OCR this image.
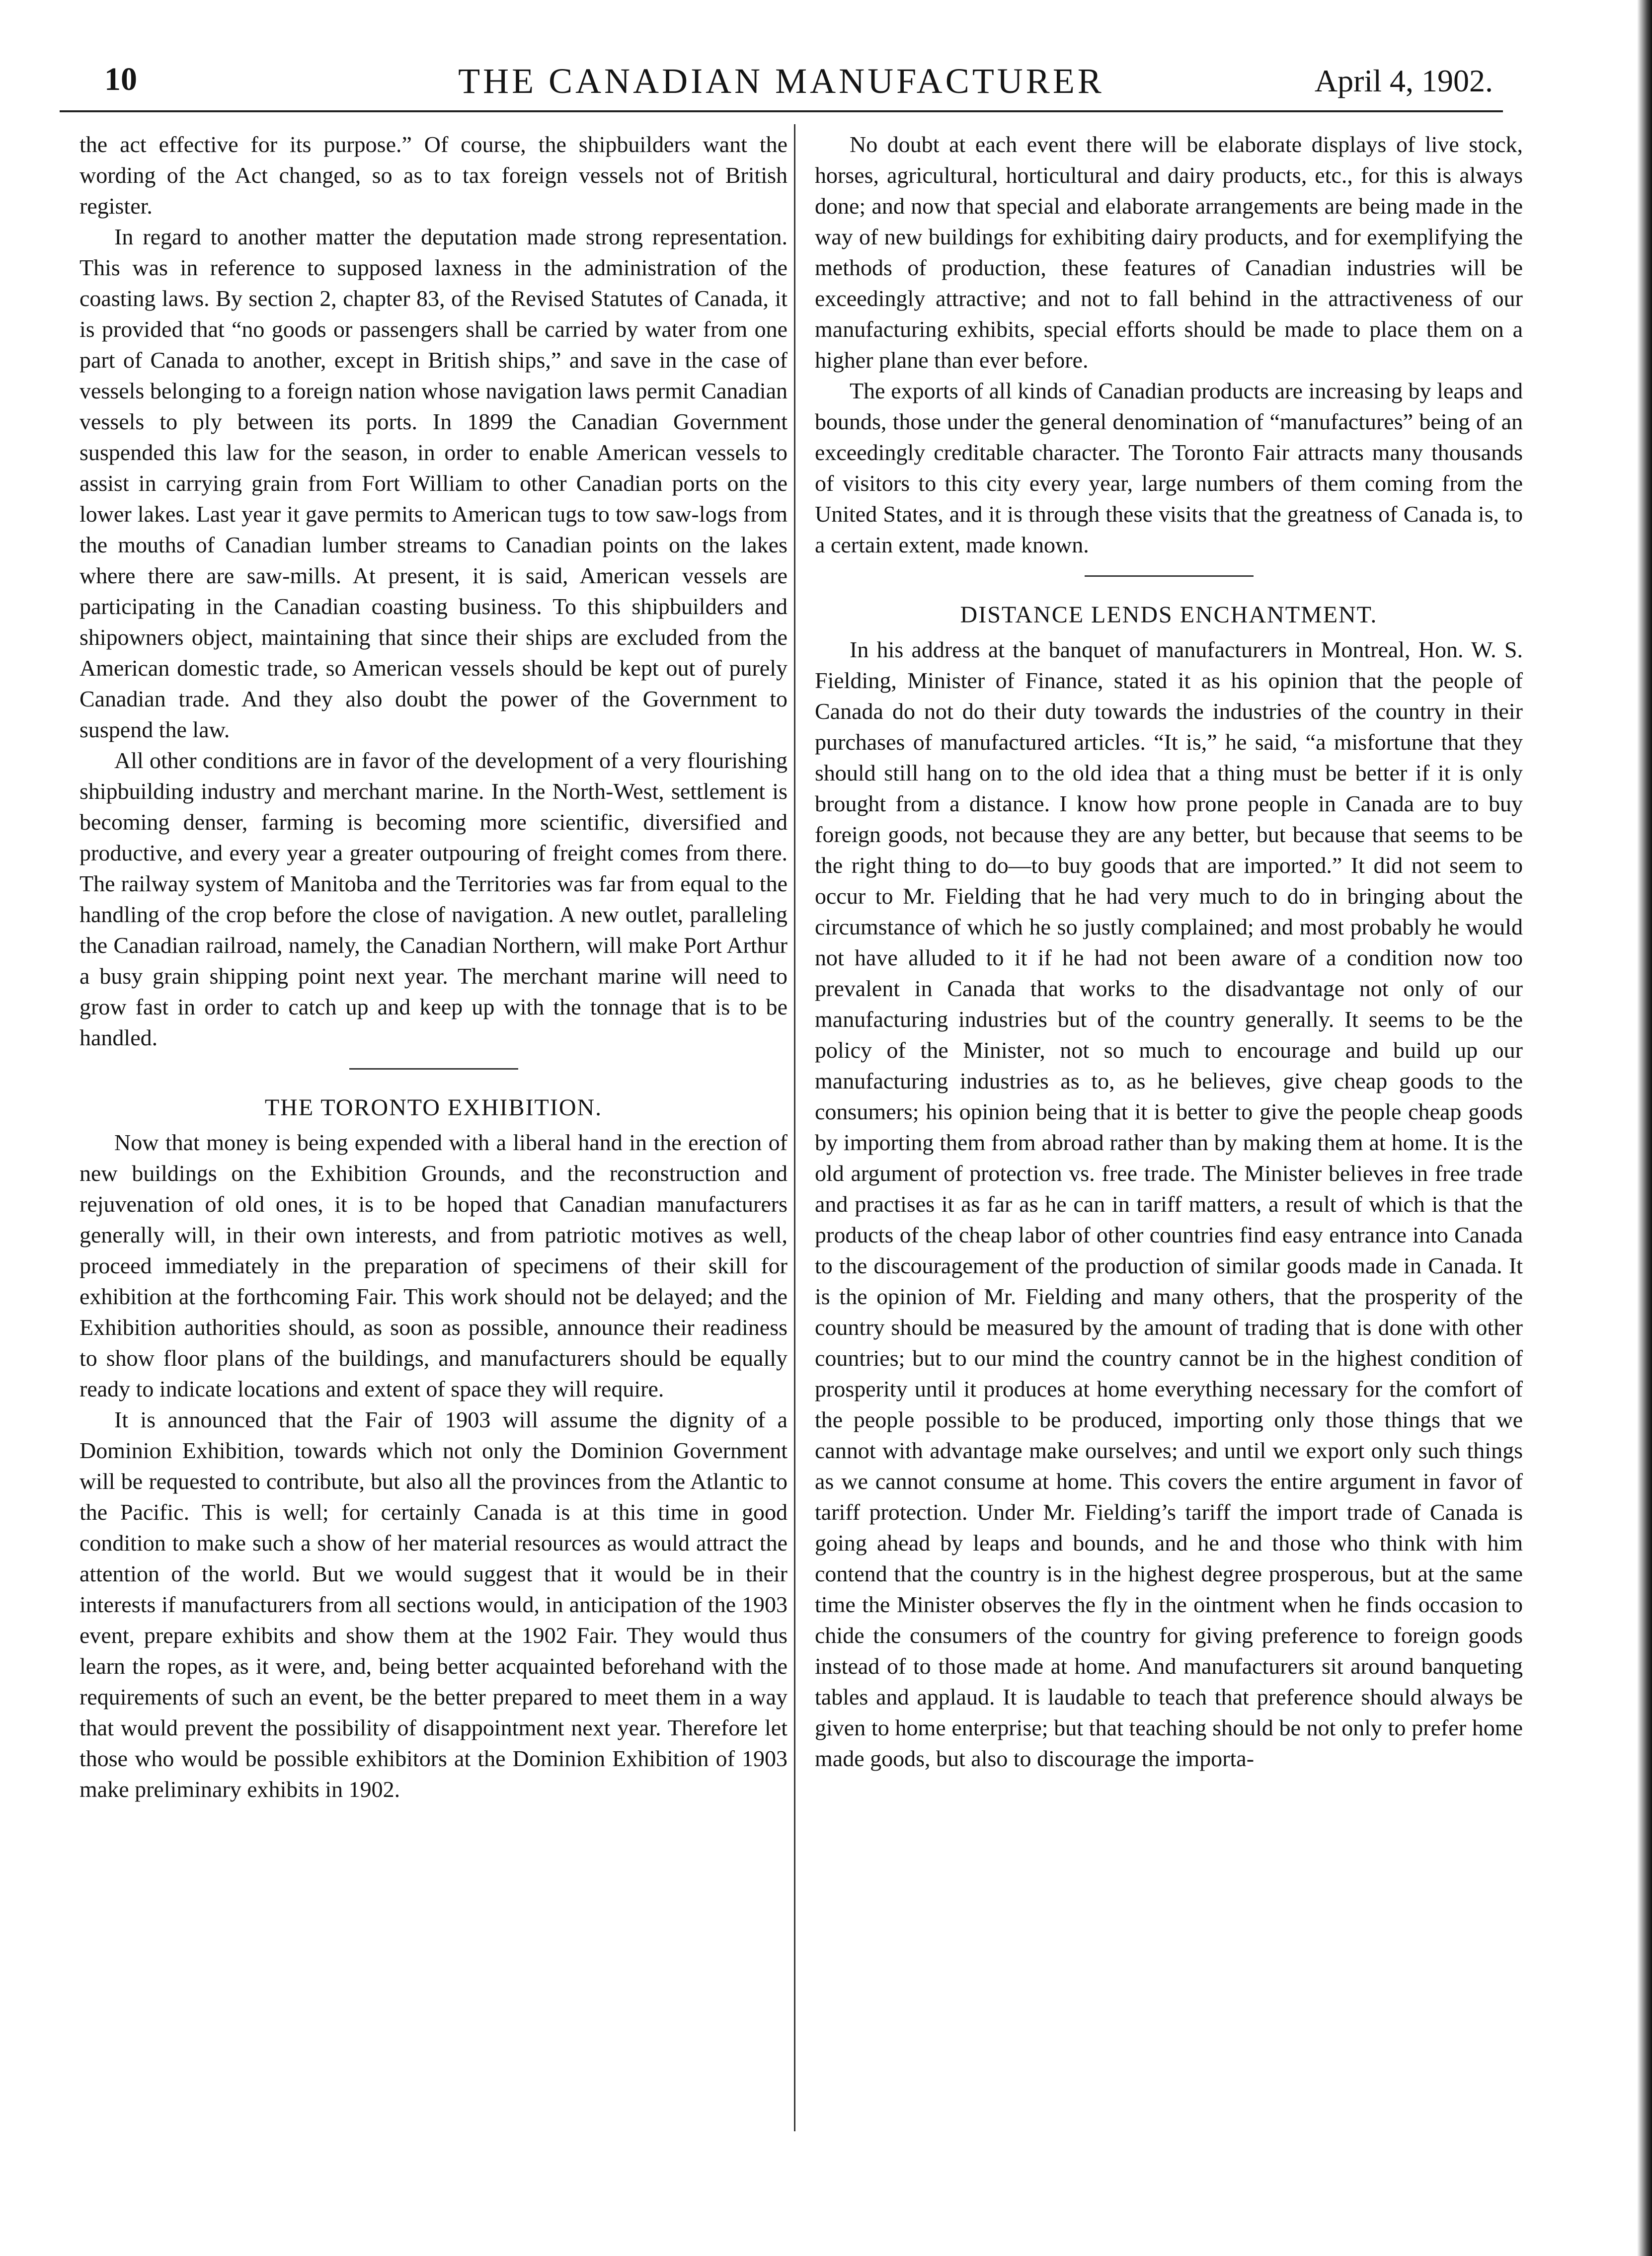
10	THE CANADIAN MANUFACTURER	April 4, 1902.

the act effective for its purpose.” Of course, the shipbuilders want the wording of the Act changed, so as to tax foreign vessels not of British register.

In regard to another matter the deputation made strong representation. This was in reference to supposed laxness in the administration of the coasting laws. By section 2, chapter 83, of the Revised Statutes of Canada, it is provided that “no goods or passengers shall be carried by water from one part of Canada to another, except in British ships,” and save in the case of vessels belonging to a foreign nation whose navigation laws permit Canadian vessels to ply between its ports. In 1899 the Canadian Government suspended this law for the season, in order to enable American vessels to assist in carrying grain from Fort William to other Canadian ports on the lower lakes. Last year it gave permits to American tugs to tow saw-logs from the mouths of Canadian lumber streams to Canadian points on the lakes where there are saw-mills. At present, it is said, American vessels are participating in the Canadian coasting business. To this shipbuilders and shipowners object, maintaining that since their ships are excluded from the American domestic trade, so American vessels should be kept out of purely Canadian trade. And they also doubt the power of the Government to suspend the law.

All other conditions are in favor of the development of a very flourishing shipbuilding industry and merchant marine. In the North-West, settlement is becoming denser, farming is becoming more scientific, diversified and productive, and every year a greater outpouring of freight comes from there. The railway system of Manitoba and the Territories was far from equal to the handling of the crop before the close of navigation. A new outlet, paralleling the Canadian railroad, namely, the Canadian Northern, will make Port Arthur a busy grain shipping point next year. The merchant marine will need to grow fast in order to catch up and keep up with the tonnage that is to be handled.

THE TORONTO EXHIBITION.

Now that money is being expended with a liberal hand in the erection of new buildings on the Exhibition Grounds, and the reconstruction and rejuvenation of old ones, it is to be hoped that Canadian manufacturers generally will, in their own interests, and from patriotic motives as well, proceed immediately in the preparation of specimens of their skill for exhibition at the forthcoming Fair. This work should not be delayed; and the Exhibition authorities should, as soon as possible, announce their readiness to show floor plans of the buildings, and manufacturers should be equally ready to indicate locations and extent of space they will require.

It is announced that the Fair of 1903 will assume the dignity of a Dominion Exhibition, towards which not only the Dominion Government will be requested to contribute, but also all the provinces from the Atlantic to the Pacific. This is well; for certainly Canada is at this time in good condition to make such a show of her material resources as would attract the attention of the world. But we would suggest that it would be in their interests if manufacturers from all sections would, in anticipation of the 1903 event, prepare exhibits and show them at the 1902 Fair. They would thus learn the ropes, as it were, and, being better acquainted beforehand with the requirements of such an event, be the better prepared to meet them in a way that would prevent the possibility of disappointment next year. Therefore let those who would be possible exhibitors at the Dominion Exhibition of 1903 make preliminary exhibits in 1902.

No doubt at each event there will be elaborate displays of live stock, horses, agricultural, horticultural and dairy products, etc., for this is always done; and now that special and elaborate arrangements are being made in the way of new buildings for exhibiting dairy products, and for exemplifying the methods of production, these features of Canadian industries will be exceedingly attractive; and not to fall behind in the attractiveness of our manufacturing exhibits, special efforts should be made to place them on a higher plane than ever before.

The exports of all kinds of Canadian products are increasing by leaps and bounds, those under the general denomination of “manufactures” being of an exceedingly creditable character. The Toronto Fair attracts many thousands of visitors to this city every year, large numbers of them coming from the United States, and it is through these visits that the greatness of Canada is, to a certain extent, made known.

DISTANCE LENDS ENCHANTMENT.

In his address at the banquet of manufacturers in Montreal, Hon. W. S. Fielding, Minister of Finance, stated it as his opinion that the people of Canada do not do their duty towards the industries of the country in their purchases of manufactured articles. “It is,” he said, “a misfortune that they should still hang on to the old idea that a thing must be better if it is only brought from a distance. I know how prone people in Canada are to buy foreign goods, not because they are any better, but because that seems to be the right thing to do—to buy goods that are imported.” It did not seem to occur to Mr. Fielding that he had very much to do in bringing about the circumstance of which he so justly complained; and most probably he would not have alluded to it if he had not been aware of a condition now too prevalent in Canada that works to the disadvantage not only of our manufacturing industries but of the country generally. It seems to be the policy of the Minister, not so much to encourage and build up our manufacturing industries as to, as he believes, give cheap goods to the consumers; his opinion being that it is better to give the people cheap goods by importing them from abroad rather than by making them at home. It is the old argument of protection vs. free trade. The Minister believes in free trade and practises it as far as he can in tariff matters, a result of which is that the products of the cheap labor of other countries find easy entrance into Canada to the discouragement of the production of similar goods made in Canada. It is the opinion of Mr. Fielding and many others, that the prosperity of the country should be measured by the amount of trading that is done with other countries; but to our mind the country cannot be in the highest condition of prosperity until it produces at home everything necessary for the comfort of the people possible to be produced, importing only those things that we cannot with advantage make ourselves; and until we export only such things as we cannot consume at home. This covers the entire argument in favor of tariff protection. Under Mr. Fielding’s tariff the import trade of Canada is going ahead by leaps and bounds, and he and those who think with him contend that the country is in the highest degree prosperous, but at the same time the Minister observes the fly in the ointment when he finds occasion to chide the consumers of the country for giving preference to foreign goods instead of to those made at home. And manufacturers sit around banqueting tables and applaud. It is laudable to teach that preference should always be given to home enterprise; but that teaching should be not only to prefer home made goods, but also to discourage the importa-
